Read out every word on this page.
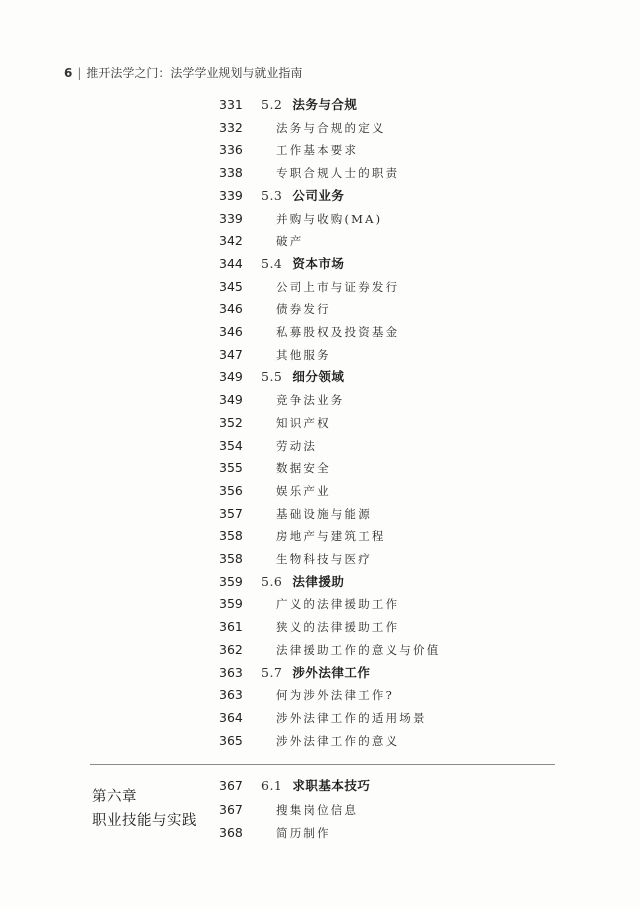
6 | 推开法学之门：法学学业规划与就业指南
331	5.2 法务与合规
332	法务与合规的定义
336	工作基本要求
338	专职合规人士的职责
339	5.3 公司业务
339	并购与收购(MA)
342	破产
344	5.4 资本市场
345	公司上市与证券发行
346	债券发行
346	私募股权及投资基金
347	其他服务
349	5.5 细分领域
349	竞争法业务
352	知识产权
354	劳动法
355	数据安全
356	娱乐产业
357	基础设施与能源
358	房地产与建筑工程
358	生物科技与医疗
359	5.6 法律援助
359	广义的法律援助工作
361	狭义的法律援助工作
362	法律援助工作的意义与价值
363	5.7 涉外法律工作
363	何为涉外法律工作?
364	涉外法律工作的适用场景
365	涉外法律工作的意义
367	6.1 求职基本技巧
367	搜集岗位信息
368	简历制作
第六章
职业技能与实践
